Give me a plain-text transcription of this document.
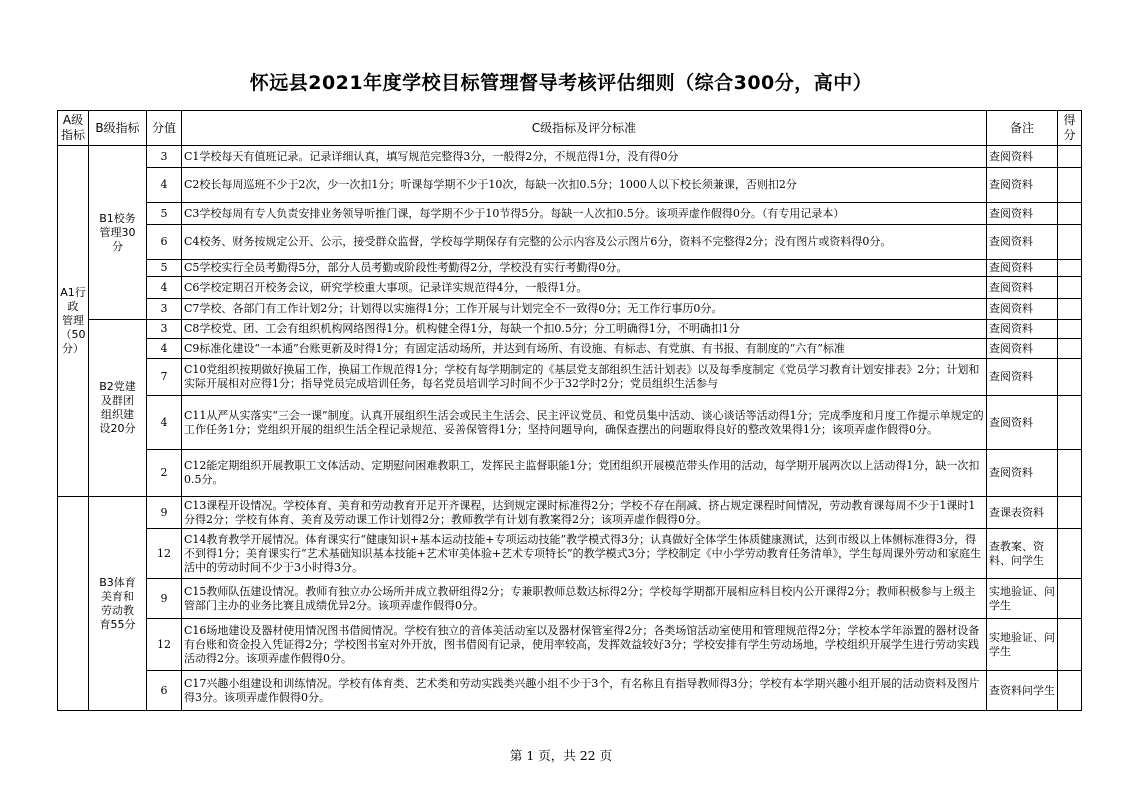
怀远县2021年度学校目标管理督导考核评估细则（综合300分，高中）
A级
指标	B级指标	分值	C级指标及评分标准	备注	得
分
A1行
政
管理
（50
分）	B1校务
管理30
分	3	C1学校每天有值班记录。记录详细认真，填写规范完整得3分，一般得2分，不规范得1分，没有得0分	查阅资料	
		4	C2校长每周巡班不少于2次，少一次扣1分；听课每学期不少于10次，每缺一次扣0.5分；1000人以下校长须兼课，否则扣2分	查阅资料	
		5	C3学校每周有专人负责安排业务领导听推门课，每学期不少于10节得5分。每缺一人次扣0.5分。该项弄虚作假得0分。（有专用记录本）	查阅资料	
		6	C4校务、财务按规定公开、公示，接受群众监督，学校每学期保存有完整的公示内容及公示图片6分，资料不完整得2分；没有图片或资料得0分。	查阅资料	
		5	C5学校实行全员考勤得5分，部分人员考勤或阶段性考勤得2分，学校没有实行考勤得0分。	查阅资料	
		4	C6学校定期召开校务会议，研究学校重大事项。记录详实规范得4分，一般得1分。	查阅资料	
		3	C7学校、各部门有工作计划2分；计划得以实施得1分；工作开展与计划完全不一致得0分；无工作行事历0分。	查阅资料	
	B2党建
及群团
组织建
设20分	3	C8学校党、团、工会有组织机构网络图得1分。机构健全得1分，每缺一个扣0.5分；分工明确得1分，不明确扣1分	查阅资料	
		4	C9标准化建设“一本通”台账更新及时得1分；有固定活动场所，并达到有场所、有设施、有标志、有党旗、有书报、有制度的“六有”标准	查阅资料	
		7	C10党组织按期做好换届工作，换届工作规范得1分；学校有每学期制定的《基层党支部组织生活计划表》以及每季度制定《党员学习教育计划安排表》2分；计划和实际开展相对应得1分；指导党员完成培训任务，每名党员培训学习时间不少于32学时2分；党员组织生活参与	查阅资料	
		4	C11从严从实落实“三会一课”制度。认真开展组织生活会或民主生活会、民主评议党员、和党员集中活动、谈心谈话等活动得1分；完成季度和月度工作提示单规定的工作任务1分；党组织开展的组织生活全程记录规范、妥善保管得1分；坚持问题导向，确保查摆出的问题取得良好的整改效果得1分；该项弄虚作假得0分。	查阅资料	
		2	C12能定期组织开展教职工文体活动、定期慰问困难教职工，发挥民主监督职能1分；党团组织开展模范带头作用的活动，每学期开展两次以上活动得1分，缺一次扣0.5分。	查阅资料	
	B3体育
美育和
劳动教
育55分	9	C13课程开设情况。学校体育、美育和劳动教育开足开齐课程，达到规定课时标准得2分；学校不存在削减、挤占规定课程时间情况，劳动教育课每周不少于1课时1分得2分；学校有体育、美育及劳动课工作计划得2分；教师教学有计划有教案得2分；该项弄虚作假得0分。	查课表资料	
		12	C14教育教学开展情况。体育课实行“健康知识+基本运动技能+专项运动技能”教学模式得3分；认真做好全体学生体质健康测试，达到市级以上体侧标准得3分，得不到得1分；美育课实行“艺术基础知识基本技能+艺术审美体验+艺术专项特长”的教学模式3分；学校制定《中小学劳动教育任务清单》，学生每周课外劳动和家庭生活中的劳动时间不少于3小时得3分。	查教案、资料、问学生	
		9	C15教师队伍建设情况。教师有独立办公场所并成立教研组得2分；专兼职教师总数达标得2分；学校每学期都开展相应科目校内公开课得2分；教师积极参与上级主管部门主办的业务比赛且成绩优异2分。该项弄虚作假得0分。	实地验证、问学生	
		12	C16场地建设及器材使用情况图书借阅情况。学校有独立的音体美活动室以及器材保管室得2分；各类场馆活动室使用和管理规范得2分；学校本学年添置的器材设备有台账和资金投入凭证得2分；学校图书室对外开放，图书借阅有记录，使用率较高，发挥效益较好3分；学校安排有学生劳动场地，学校组织开展学生进行劳动实践活动得2分。该项弄虚作假得0分。	实地验证、问学生	
		6	C17兴趣小组建设和训练情况。学校有体育类、艺术类和劳动实践类兴趣小组不少于3个，有名称且有指导教师得3分；学校有本学期兴趣小组开展的活动资料及图片得3分。该项弄虚作假得0分。	查资料问学生	
第 1 页，共 22 页
